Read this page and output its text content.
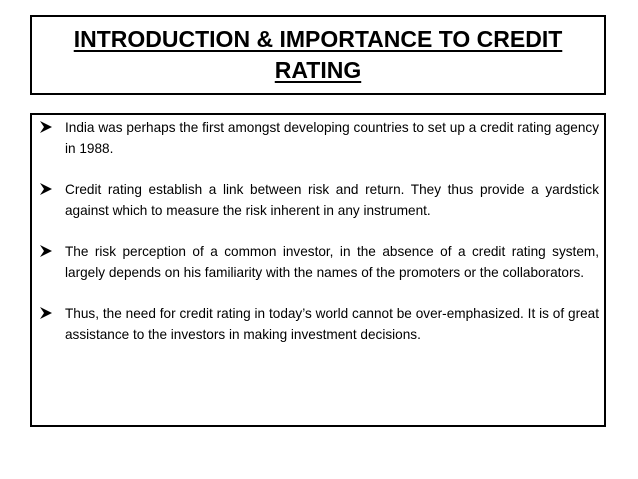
INTRODUCTION & IMPORTANCE TO CREDIT
RATING
India was perhaps the first amongst developing countries to set up a credit rating agency in 1988.
Credit rating establish a link between risk and return. They thus provide a yardstick against which to measure the risk inherent in any instrument.
The risk perception of a common investor, in the absence of a credit rating system, largely depends on his familiarity with the names of the promoters or the collaborators.
Thus, the need for credit rating in today’s world cannot be over-emphasized. It is of great assistance to the investors in making investment decisions.
